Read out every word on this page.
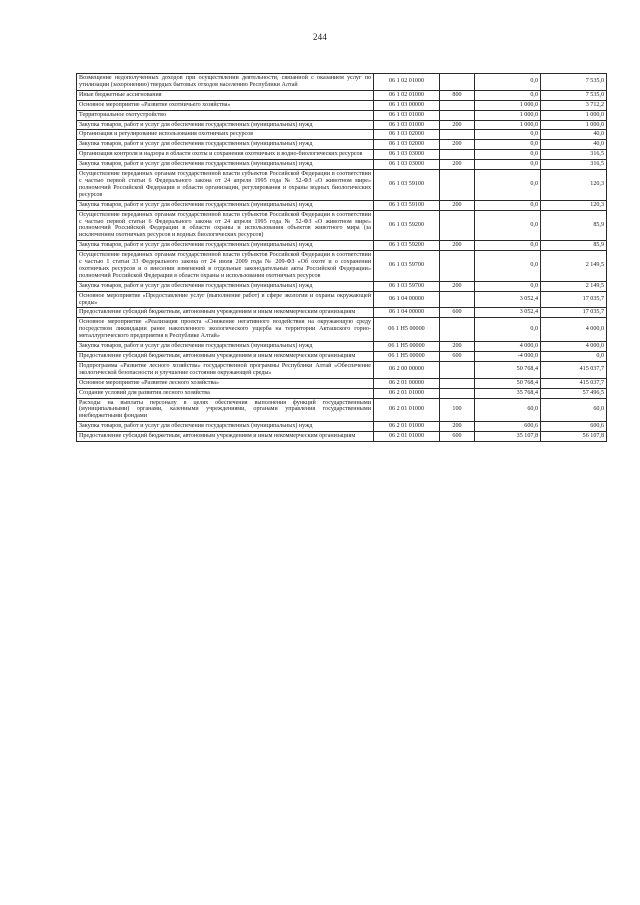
244
Возмещение недополученных доходов при осуществлении деятельности, связанной с оказанием услуг по утилизации (захоронению) твердых бытовых отходов населению Республики Алтай	06 1 02 01000		0,0	7 535,0
Иные бюджетные ассигнования	06 1 02 01000	800	0,0	7 535,0
Основное мероприятие «Развитие охотничьего хозяйства»	06 1 03 00000		1 000,0	3 712,2
Территориальное охотустройство	06 1 03 01000		1 000,0	1 000,0
Закупка товаров, работ и услуг для обеспечения государственных (муниципальных) нужд	06 1 03 01000	200	1 000,0	1 000,0
Организация и регулирование использования охотничьих ресурсов	06 1 03 02000		0,0	40,0
Закупка товаров, работ и услуг для обеспечения государственных (муниципальных) нужд	06 1 03 02000	200	0,0	40,0
Организация контроля и надзора в области охоты и сохранения охотничьих и водно-биологических ресурсов	06 1 03 03000		0,0	316,5
Закупка товаров, работ и услуг для обеспечения государственных (муниципальных) нужд	06 1 03 03000	200	0,0	316,5
Осуществление переданных органам государственной власти субъектов Российской Федерации в соответствии с частью первой статьи 6 Федерального закона от 24 апреля 1995 года № 52-ФЗ «О животном мире» полномочий Российской Федерации в области организации, регулирования и охраны водных биологических ресурсов	06 1 03 59100		0,0	120,3
Закупка товаров, работ и услуг для обеспечения государственных (муниципальных) нужд	06 1 03 59100	200	0,0	120,3
Осуществление переданных органам государственной власти субъектов Российской Федерации в соответствии с частью первой статьи 6 Федерального закона от 24 апреля 1995 года № 52-ФЗ «О животном мире» полномочий Российской Федерации в области охраны и использования объектов животного мира (за исключением охотничьих ресурсов и водных биологических ресурсов)	06 1 03 59200		0,0	85,9
Закупка товаров, работ и услуг для обеспечения государственных (муниципальных) нужд	06 1 03 59200	200	0,0	85,9
Осуществление переданных органам государственной власти субъектов Российской Федерации в соответствии с частью 1 статьи 33 Федерального закона от 24 июля 2009 года № 209-ФЗ «Об охоте и о сохранении охотничьих ресурсов и о внесении изменений в отдельные законодательные акты Российской Федерации» полномочий Российской Федерации в области охраны и использования охотничьих ресурсов	06 1 03 59700		0,0	2 149,5
Закупка товаров, работ и услуг для обеспечения государственных (муниципальных) нужд	06 1 03 59700	200	0,0	2 149,5
Основное мероприятие «Предоставление услуг (выполнение работ) в сфере экологии и охраны окружающей среды»	06 1 04 00000		3 052,4	17 035,7
Предоставление субсидий бюджетным, автономным учреждениям и иным некоммерческим организациям	06 1 04 00000	600	3 052,4	17 035,7
Основное мероприятие «Реализация проекта «Снижение негативного воздействия на окружающую среду посредством ликвидации ранее накопленного экологического ущерба на территории Акташского горно-металлургического предприятия в Республике Алтай»	06 1 Н5 00000		0,0	4 000,0
Закупка товаров, работ и услуг для обеспечения государственных (муниципальных) нужд	06 1 Н5 00000	200	4 000,0	4 000,0
Предоставление субсидий бюджетным, автономным учреждениям и иным некоммерческим организациям	06 1 Н5 00000	600	-4 000,0	0,0
Подпрограмма «Развитие лесного хозяйства» государственной программы Республики Алтай «Обеспечение экологической безопасности и улучшение состояния окружающей среды»	06 2 00 00000		50 768,4	415 037,7
Основное мероприятие «Развитие лесного хозяйства»	06 2 01 00000		50 768,4	415 037,7
Создание условий для развития лесного хозяйства	06 2 01 01000		35 768,4	57 496,5
Расходы на выплаты персоналу в целях обеспечения выполнения функций государственными (муниципальными) органами, казенными учреждениями, органами управления государственными внебюджетными фондами	06 2 01 01000	100	60,0	60,0
Закупка товаров, работ и услуг для обеспечения государственных (муниципальных) нужд	06 2 01 01000	200	600,6	600,6
Предоставление субсидий бюджетным, автономным учреждениям и иным некоммерческим организациям	06 2 01 01000	600	35 107,8	56 107,8
